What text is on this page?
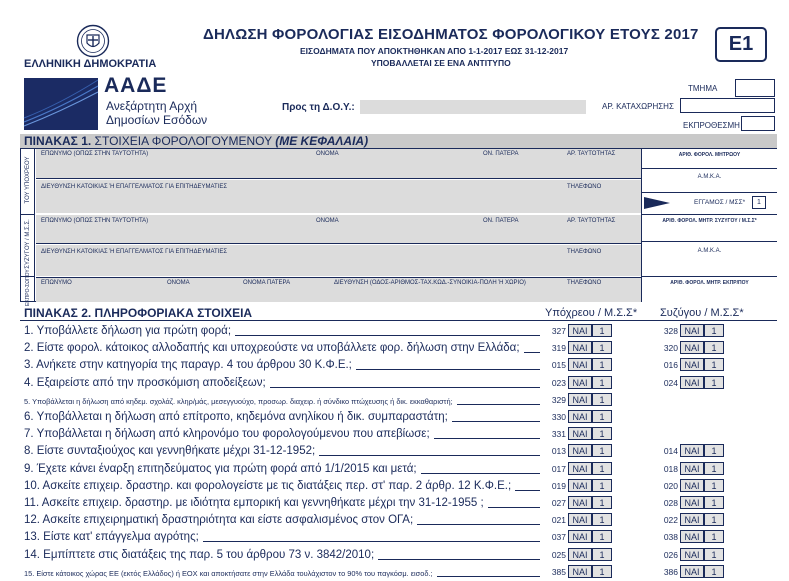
ΕΛΛΗΝΙΚΗ ΔΗΜΟΚΡΑΤΙΑ
ΔΗΛΩΣΗ ΦΟΡΟΛΟΓΙΑΣ ΕΙΣΟΔΗΜΑΤΟΣ ΦΟΡΟΛΟΓΙΚΟΥ ΕΤΟΥΣ 2017
ΕΙΣΟΔΗΜΑΤΑ ΠΟΥ ΑΠΟΚΤΗΘΗΚΑΝ ΑΠΟ 1-1-2017 ΕΩΣ 31-12-2017
ΥΠΟΒΑΛΛΕΤΑΙ ΣΕ ΕΝΑ ΑΝΤΙΤΥΠΟ
Ε1
ΑΑΔΕ
Ανεξάρτητη Αρχή
Δημοσίων Εσόδων
Προς τη Δ.Ο.Υ.:
ΤΜΗΜΑ
ΑΡ. ΚΑΤΑΧΩΡΗΣΗΣ
ΕΚΠΡΟΘΕΣΜΗ
ΠΙΝΑΚΑΣ 1. ΣΤΟΙΧΕΙΑ ΦΟΡΟΛΟΓΟΥΜΕΝΟΥ (ΜΕ ΚΕΦΑΛΑΙΑ)
ΤΟΥ ΥΠΟΧΡΕΟΥ
ΣΥΖΥΓΟΥ / Μ.Σ.Σ.
ΕΚΠΡΟ-ΣΩΠΟΥ
ΕΠΩΝΥΜΟ (ΟΠΩΣ ΣΤΗΝ ΤΑΥΤΟΤΗΤΑ)	ΟΝΟΜΑ	ΟΝ. ΠΑΤΕΡΑ	ΑΡ. ΤΑΥΤΟΤΗΤΑΣ
ΔΙΕΥΘΥΝΣΗ ΚΑΤΟΙΚΙΑΣ Ή ΕΠΑΓΓΕΛΜΑΤΟΣ ΓΙΑ ΕΠΙΤΗΔΕΥΜΑΤΙΕΣ	ΤΗΛΕΦΩΝΟ
ΑΡΙΘ. ΦΟΡΟΛ. ΜΗΤΡΩΟΥ
Α.Μ.Κ.Α.
ΕΓΓΑΜΟΣ / ΜΣΣ*	1
ΕΠΩΝΥΜΟ (ΟΠΩΣ ΣΤΗΝ ΤΑΥΤΟΤΗΤΑ)	ΟΝΟΜΑ	ΟΝ. ΠΑΤΕΡΑ	ΑΡ. ΤΑΥΤΟΤΗΤΑΣ
ΔΙΕΥΘΥΝΣΗ ΚΑΤΟΙΚΙΑΣ Ή ΕΠΑΓΓΕΛΜΑΤΟΣ ΓΙΑ ΕΠΙΤΗΔΕΥΜΑΤΙΕΣ	ΤΗΛΕΦΩΝΟ
ΑΡΙΘ. ΦΟΡΟΛ. ΜΗΤΡ. ΣΥΖΥΓΟΥ / Μ.Σ.Σ*
Α.Μ.Κ.Α.
ΕΠΩΝΥΜΟ	ΟΝΟΜΑ	ΟΝΟΜΑ ΠΑΤΕΡΑ	ΔΙΕΥΘΥΝΣΗ (ΟΔΟΣ-ΑΡΙΘΜΟΣ-ΤΑΧ.ΚΩΔ.-ΣΥΝΟΙΚΙΑ-ΠΟΛΗ Ή ΧΩΡΙΟ)	ΤΗΛΕΦΩΝΟ	ΑΡΙΘ. ΦΟΡΟΛ. ΜΗΤΡ. ΕΚΠΡ/ΠΟΥ
ΠΙΝΑΚΑΣ 2. ΠΛΗΡΟΦΟΡΙΑΚΑ ΣΤΟΙΧΕΙΑ	Υπόχρεου / Μ.Σ.Σ* Συζύγου / Μ.Σ.Σ*
1. Υποβάλλετε δήλωση για πρώτη φορά;	327 ΝΑΙ	1	328 ΝΑΙ	1
2. Είστε φορολ. κάτοικος αλλοδαπής και υποχρεούστε να υποβάλλετε φορ. δήλωση στην Ελλάδα;	319 ΝΑΙ	1	320 ΝΑΙ	1
3. Ανήκετε στην κατηγορία της παραγρ. 4 του άρθρου 30 Κ.Φ.Ε.;	015 ΝΑΙ	1	016 ΝΑΙ	1
4. Εξαιρείστε από την προσκόμιση αποδείξεων;	023 ΝΑΙ	1	024 ΝΑΙ	1
5. Υποβάλλεται η δήλωση από κηδεμ. σχολάζ. κληρ/μάς, μεσεγγυούχο, προσωρ. διαχειρ. ή σύνδικο πτώχευσης ή δικ. εκκαθαριστή;	329 ΝΑΙ	1
6. Υποβάλλεται η δήλωση από επίτροπο, κηδεμόνα ανηλίκου ή δικ. συμπαραστάτη;	330 ΝΑΙ	1
7. Υποβάλλεται η δήλωση από κληρονόμο του φορολογούμενου που απεβίωσε;	331 ΝΑΙ	1
8. Είστε συνταξιούχος και γεννηθήκατε μέχρι 31-12-1952;	013 ΝΑΙ	1	014 ΝΑΙ	1
9. Έχετε κάνει έναρξη επιτηδεύματος για πρώτη φορά από 1/1/2015 και μετά;	017 ΝΑΙ	1	018 ΝΑΙ	1
10. Ασκείτε επιχειρ. δραστηρ. και φορολογείστε με τις διατάξεις περ. στ' παρ. 2 άρθρ. 12 Κ.Φ.Ε.;	019 ΝΑΙ	1	020 ΝΑΙ	1
11. Ασκείτε επιχειρ. δραστηρ. με ιδιότητα εμπορική και γεννηθήκατε μέχρι την 31-12-1955 ;	027 ΝΑΙ	1	028 ΝΑΙ	1
12. Ασκείτε επιχειρηματική δραστηριότητα και είστε ασφαλισμένος στον ΟΓΑ;	021 ΝΑΙ	1	022 ΝΑΙ	1
13. Είστε κατ' επάγγελμα αγρότης;	037 ΝΑΙ	1	038 ΝΑΙ	1
14. Εμπίπτετε στις διατάξεις της παρ. 5 του άρθρου 73 ν. 3842/2010;	025 ΝΑΙ	1	026 ΝΑΙ	1
15. Είστε κάτοικος χώρας ΕΕ (εκτός Ελλάδος) ή ΕΟΧ και αποκτήσατε στην Ελλάδα τουλάχιστον το 90% του παγκόσμ. εισοδ.;	385 ΝΑΙ	1	386 ΝΑΙ	1
